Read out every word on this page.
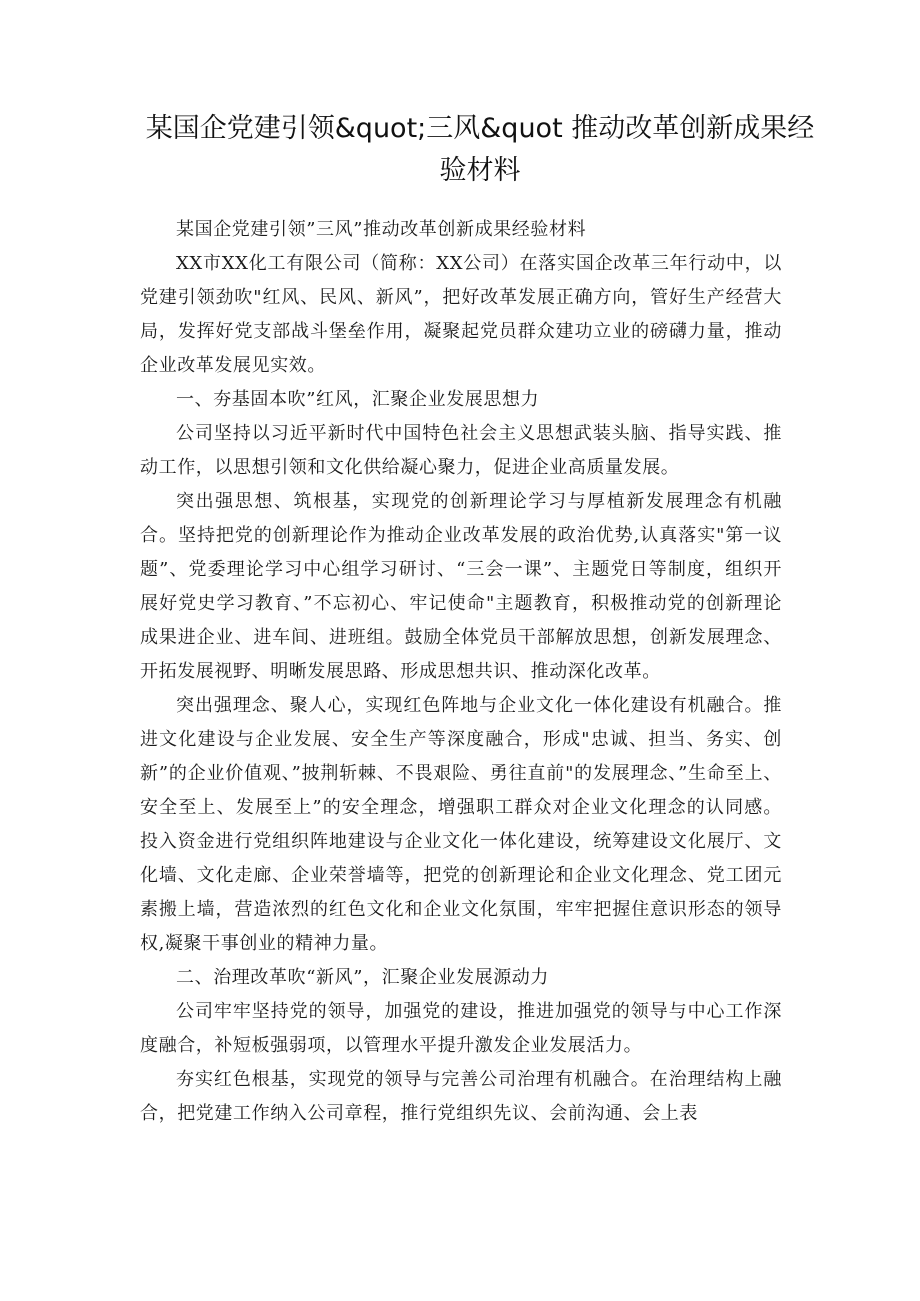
某国企党建引领&quot;三风&quot 推动改革创新成果经验材料

某国企党建引领”三风”推动改革创新成果经验材料

XX市XX化工有限公司（简称：XX公司）在落实国企改革三年行动中，以党建引领劲吹"红风、民风、新风”，把好改革发展正确方向，管好生产经营大局，发挥好党支部战斗堡垒作用，凝聚起党员群众建功立业的磅礴力量，推动企业改革发展见实效。

一、夯基固本吹”红风，汇聚企业发展思想力

公司坚持以习近平新时代中国特色社会主义思想武装头脑、指导实践、推动工作，以思想引领和文化供给凝心聚力，促进企业高质量发展。

突出强思想、筑根基，实现党的创新理论学习与厚植新发展理念有机融合。坚持把党的创新理论作为推动企业改革发展的政治优势,认真落实"第一议题”、党委理论学习中心组学习研讨、“三会一课”、主题党日等制度，组织开展好党史学习教育、”不忘初心、牢记使命"主题教育，积极推动党的创新理论成果进企业、进车间、进班组。鼓励全体党员干部解放思想，创新发展理念、开拓发展视野、明晰发展思路、形成思想共识、推动深化改革。

突出强理念、聚人心，实现红色阵地与企业文化一体化建设有机融合。推进文化建设与企业发展、安全生产等深度融合，形成"忠诚、担当、务实、创新”的企业价值观、”披荆斩棘、不畏艰险、勇往直前"的发展理念、”生命至上、安全至上、发展至上”的安全理念，增强职工群众对企业文化理念的认同感。投入资金进行党组织阵地建设与企业文化一体化建设，统筹建设文化展厅、文化墙、文化走廊、企业荣誉墙等，把党的创新理论和企业文化理念、党工团元素搬上墙，营造浓烈的红色文化和企业文化氛围，牢牢把握住意识形态的领导权,凝聚干事创业的精神力量。

二、治理改革吹“新风”，汇聚企业发展源动力

公司牢牢坚持党的领导，加强党的建设，推进加强党的领导与中心工作深度融合，补短板强弱项，以管理水平提升激发企业发展活力。

夯实红色根基，实现党的领导与完善公司治理有机融合。在治理结构上融合，把党建工作纳入公司章程，推行党组织先议、会前沟通、会上表
